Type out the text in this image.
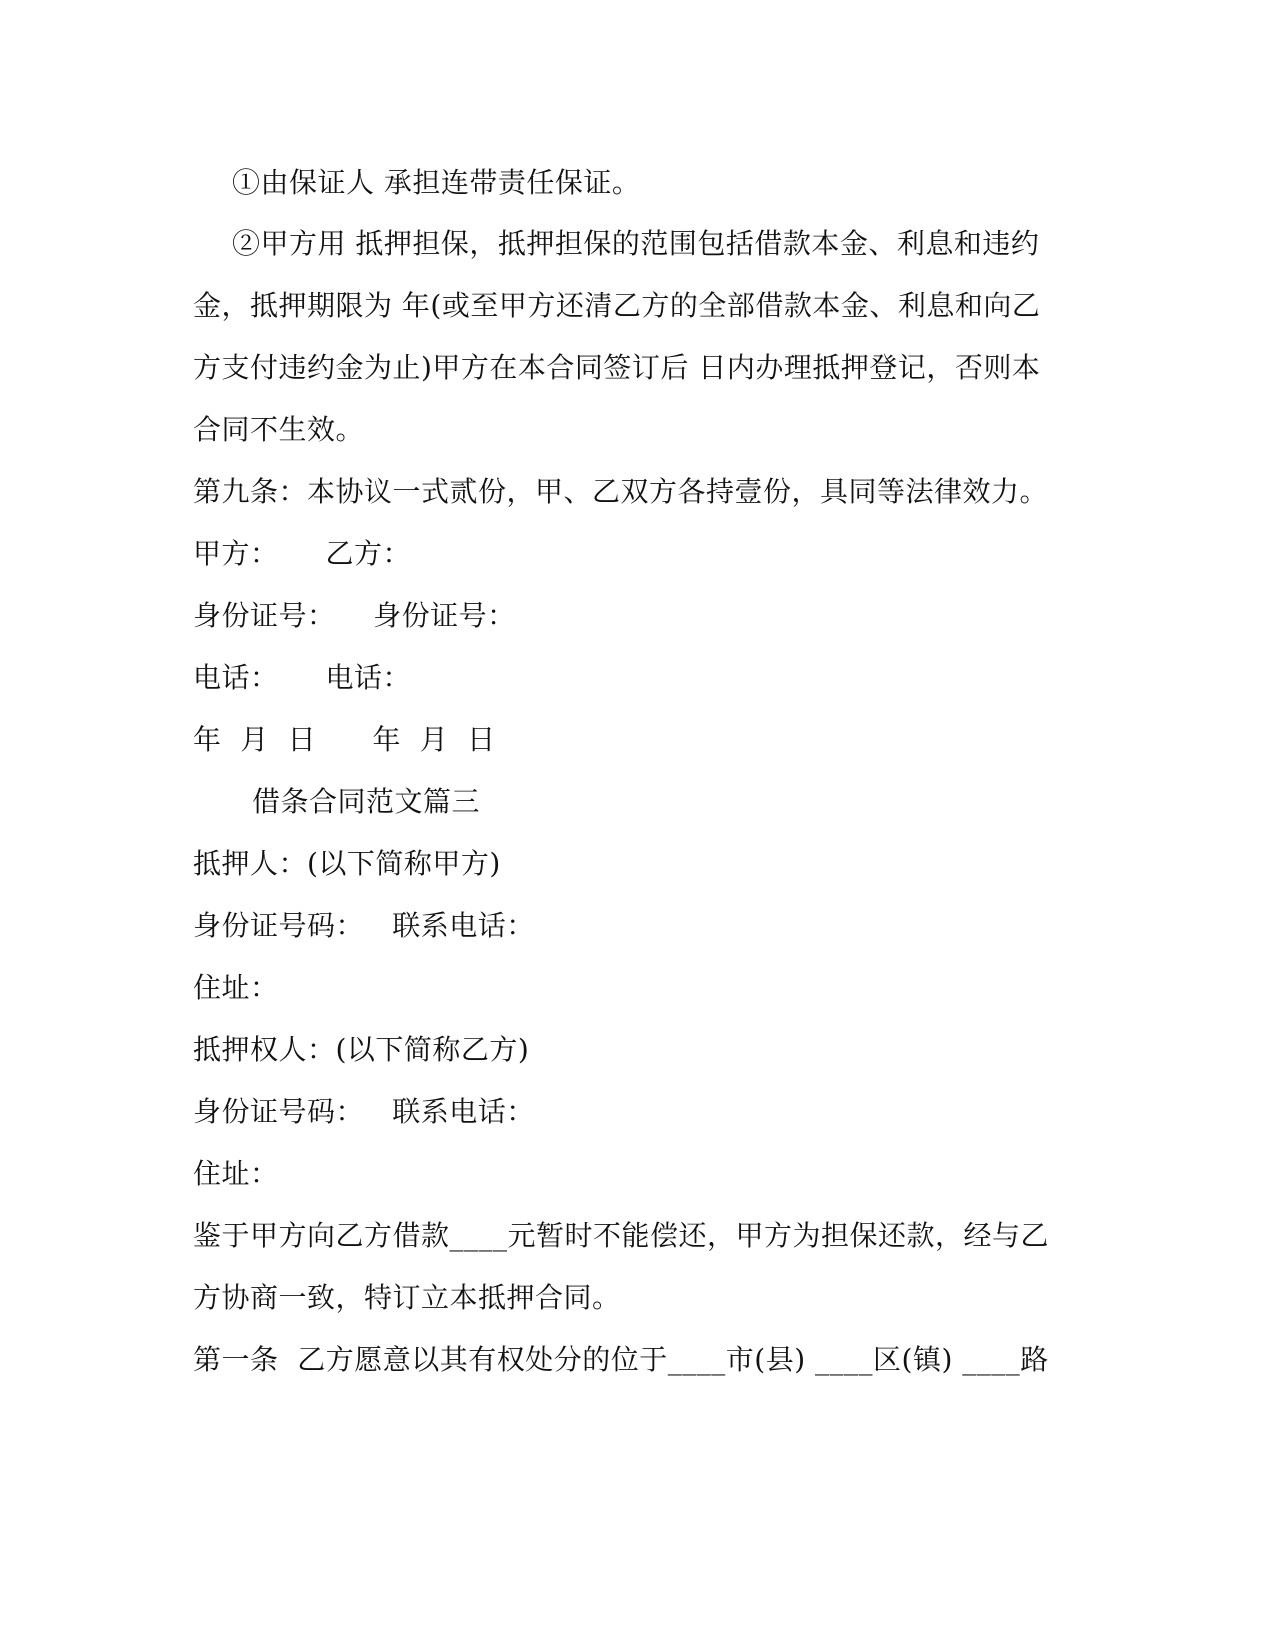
①由保证人 承担连带责任保证。
②甲方用 抵押担保，抵押担保的范围包括借款本金、利息和违约
金，抵押期限为 年(或至甲方还清乙方的全部借款本金、利息和向乙
方支付违约金为止)甲方在本合同签订后 日内办理抵押登记，否则本
合同不生效。
第九条：本协议一式贰份，甲、乙双方各持壹份，具同等法律效力。
甲方：     乙方：
身份证号：    身份证号：
电话：     电话：
年  月  日      年  月  日
借条合同范文篇三
抵押人：(以下简称甲方)
身份证号码：   联系电话：
住址：
抵押权人：(以下简称乙方)
身份证号码：   联系电话：
住址：
鉴于甲方向乙方借款____元暂时不能偿还，甲方为担保还款，经与乙
方协商一致，特订立本抵押合同。
第一条  乙方愿意以其有权处分的位于____市(县) ____区(镇) ____路
